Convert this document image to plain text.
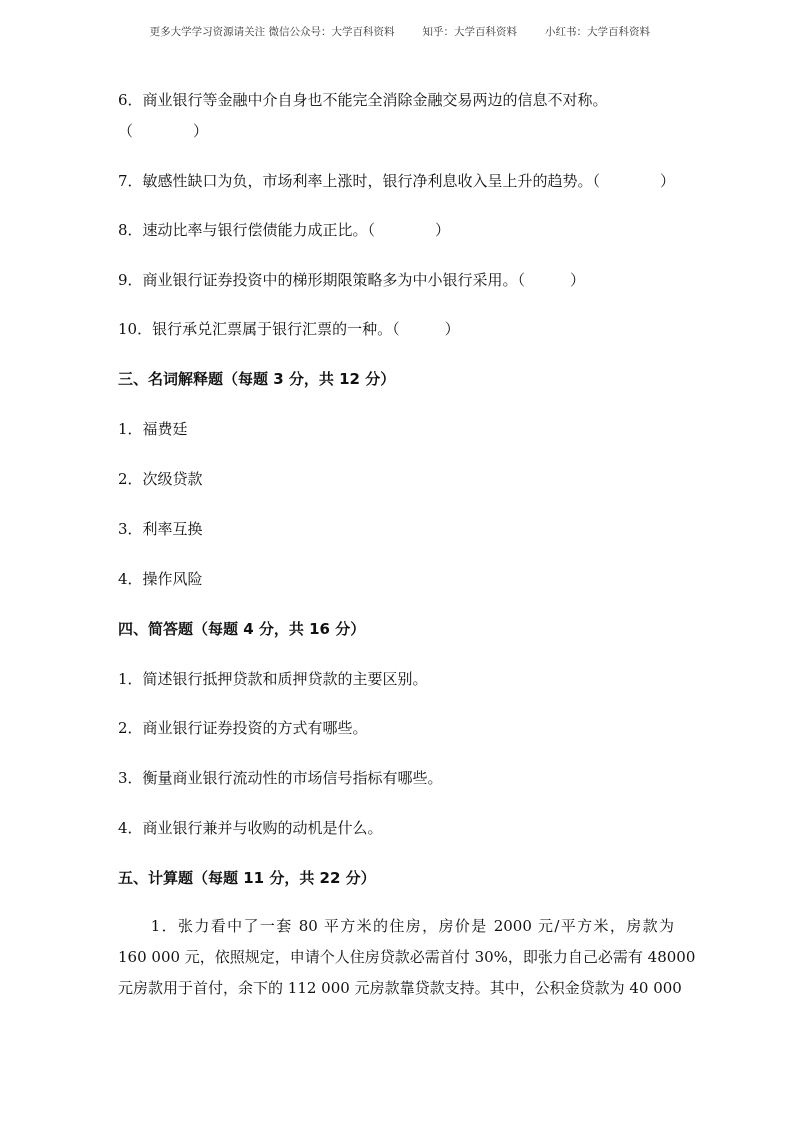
更多大学学习资源请关注 微信公众号：大学百科资料	知乎：大学百科资料	小红书：大学百科资料

6．商业银行等金融中介自身也不能完全消除金融交易两边的信息不对称。
（　　　　）
7．敏感性缺口为负，市场利率上涨时，银行净利息收入呈上升的趋势。（　　　　）
8．速动比率与银行偿债能力成正比。（　　　　）
9．商业银行证券投资中的梯形期限策略多为中小银行采用。（　　　）
10．银行承兑汇票属于银行汇票的一种。（　　　）
三、名词解释题（每题 3 分，共 12 分）
1．福费廷
2．次级贷款
3．利率互换
4．操作风险
四、简答题（每题 4 分，共 16 分）
1．简述银行抵押贷款和质押贷款的主要区别。
2．商业银行证券投资的方式有哪些。
3．衡量商业银行流动性的市场信号指标有哪些。
4．商业银行兼并与收购的动机是什么。
五、计算题（每题 11 分，共 22 分）
　　1．张力看中了一套 80 平方米的住房，房价是 2000 元/平方米，房款为
160 000 元，依照规定，申请个人住房贷款必需首付 30%，即张力自己必需有 48000
元房款用于首付，余下的 112 000 元房款靠贷款支持。其中，公积金贷款为 40 000
